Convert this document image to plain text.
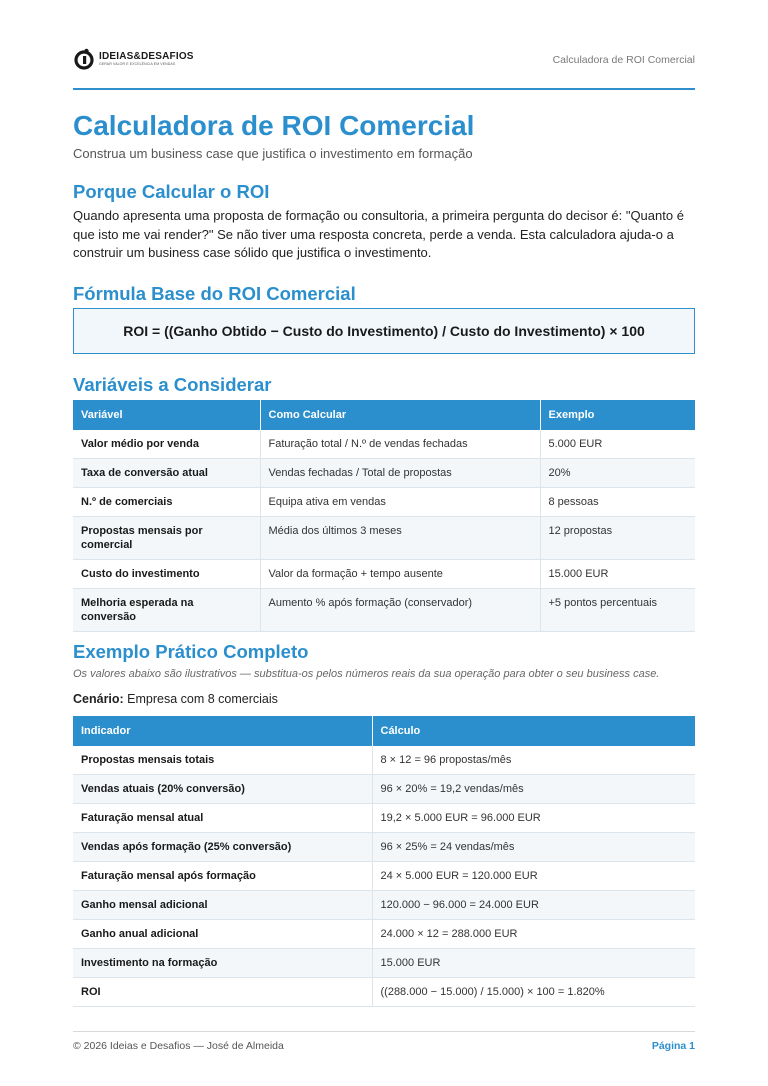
IDEIAS&DESAFIOS
GERAR VALOR E EXCELÊNCIA EM VENDAS	Calculadora de ROI Comercial
Calculadora de ROI Comercial
Construa um business case que justifica o investimento em formação
Porque Calcular o ROI
Quando apresenta uma proposta de formação ou consultoria, a primeira pergunta do decisor é: "Quanto é que isto me vai render?" Se não tiver uma resposta concreta, perde a venda. Esta calculadora ajuda-o a construir um business case sólido que justifica o investimento.
Fórmula Base do ROI Comercial
ROI = ((Ganho Obtido − Custo do Investimento) / Custo do Investimento) × 100
Variáveis a Considerar
Variável	Como Calcular	Exemplo
Valor médio por venda	Faturação total / N.º de vendas fechadas	5.000 EUR
Taxa de conversão atual	Vendas fechadas / Total de propostas	20%
N.º de comerciais	Equipa ativa em vendas	8 pessoas
Propostas mensais por comercial	Média dos últimos 3 meses	12 propostas
Custo do investimento	Valor da formação + tempo ausente	15.000 EUR
Melhoria esperada na conversão	Aumento % após formação (conservador)	+5 pontos percentuais
Exemplo Prático Completo
Os valores abaixo são ilustrativos — substitua-os pelos números reais da sua operação para obter o seu business case.
Cenário: Empresa com 8 comerciais
Indicador	Cálculo
Propostas mensais totais	8 × 12 = 96 propostas/mês
Vendas atuais (20% conversão)	96 × 20% = 19,2 vendas/mês
Faturação mensal atual	19,2 × 5.000 EUR = 96.000 EUR
Vendas após formação (25% conversão)	96 × 25% = 24 vendas/mês
Faturação mensal após formação	24 × 5.000 EUR = 120.000 EUR
Ganho mensal adicional	120.000 − 96.000 = 24.000 EUR
Ganho anual adicional	24.000 × 12 = 288.000 EUR
Investimento na formação	15.000 EUR
ROI	((288.000 − 15.000) / 15.000) × 100 = 1.820%
© 2026 Ideias e Desafios — José de Almeida	Página 1
